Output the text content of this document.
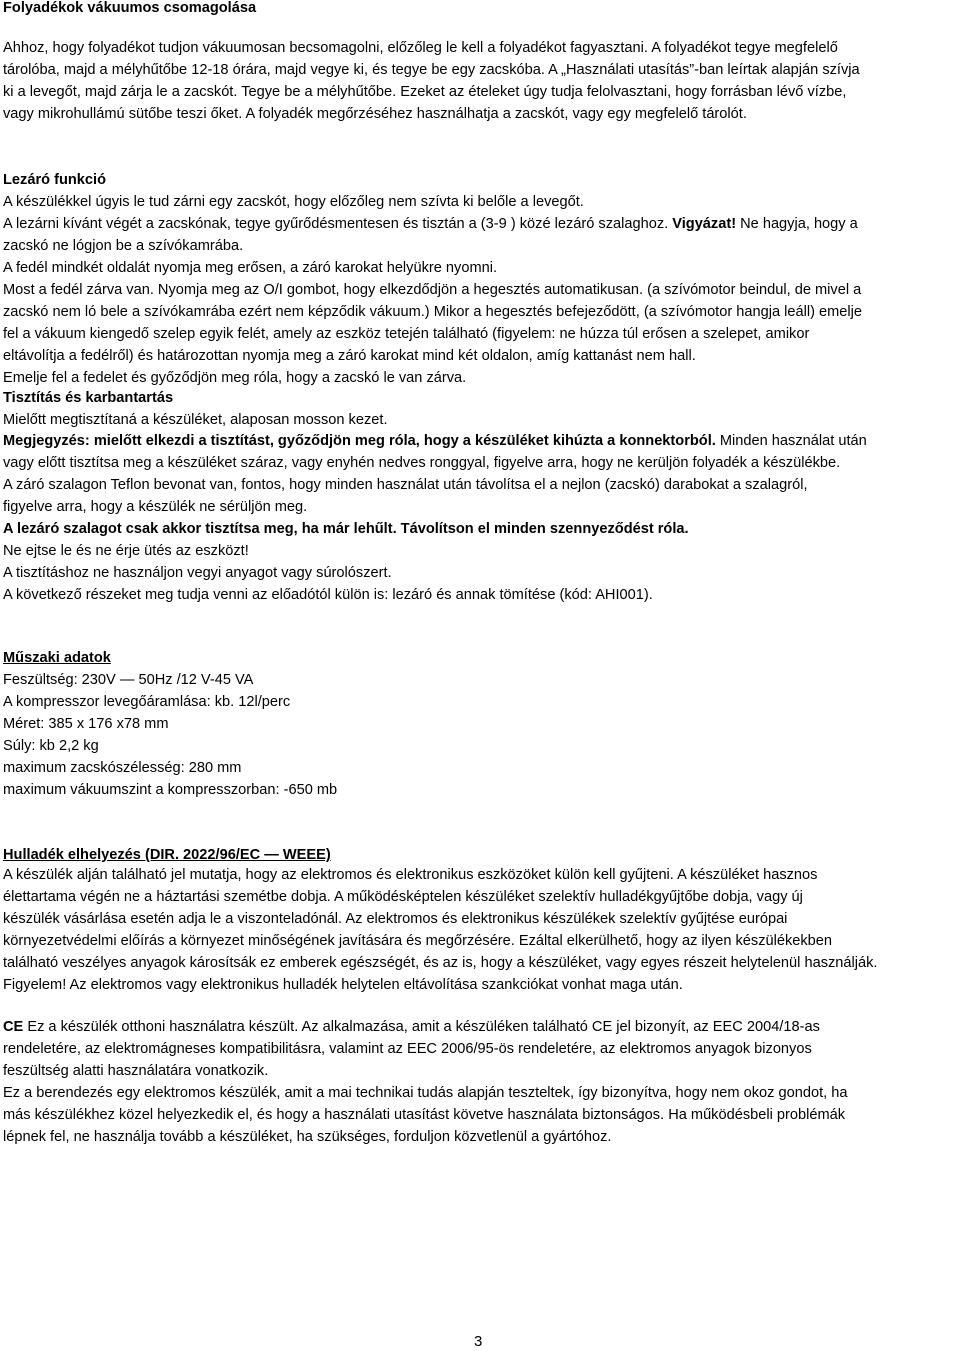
Folyadékok vákuumos csomagolása
Ahhoz, hogy folyadékot tudjon vákuumosan becsomagolni, előzőleg le kell a folyadékot fagyasztani. A folyadékot tegye megfelelő
tárolóba, majd a mélyhűtőbe 12-18 órára, majd vegye ki, és tegye be egy zacskóba. A „Használati utasítás”-ban leírtak alapján szívja
ki a levegőt, majd zárja le a zacskót. Tegye be a mélyhűtőbe. Ezeket az ételeket úgy tudja felolvasztani, hogy forrásban lévő vízbe,
vagy mikrohullámú sütőbe teszi őket. A folyadék megőrzéséhez használhatja a zacskót, vagy egy megfelelő tárolót.
Lezáró funkció
A készülékkel úgyis le tud zárni egy zacskót, hogy előzőleg nem szívta ki belőle a levegőt.
A lezárni kívánt végét a zacskónak, tegye gyűrődésmentesen és tisztán a (3-9 ) közé lezáró szalaghoz. Vigyázat! Ne hagyja, hogy a
zacskó ne lógjon be a szívókamrába.
A fedél mindkét oldalát nyomja meg erősen, a záró karokat helyükre nyomni.
Most a fedél zárva van. Nyomja meg az O/I gombot, hogy elkezdődjön a hegesztés automatikusan. (a szívómotor beindul, de mivel a
zacskó nem ló bele a szívókamrába ezért nem képződik vákuum.) Mikor a hegesztés befejeződött, (a szívómotor hangja leáll) emelje
fel a vákuum kiengedő szelep egyik felét, amely az eszköz tetején található (figyelem: ne húzza túl erősen a szelepet, amikor
eltávolítja a fedélről) és határozottan nyomja meg a záró karokat mind két oldalon, amíg kattanást nem hall.
Emelje fel a fedelet és győződjön meg róla, hogy a zacskó le van zárva.
Tisztítás és karbantartás
Mielőtt megtisztítaná a készüléket, alaposan mosson kezet.
Megjegyzés: mielőtt elkezdi a tisztítást, győződjön meg róla, hogy a készüléket kihúzta a konnektorból. Minden használat után
vagy előtt tisztítsa meg a készüléket száraz, vagy enyhén nedves ronggyal, figyelve arra, hogy ne kerüljön folyadék a készülékbe.
A záró szalagon Teflon bevonat van, fontos, hogy minden használat után távolítsa el a nejlon (zacskó) darabokat a szalagról,
figyelve arra, hogy a készülék ne sérüljön meg.
A lezáró szalagot csak akkor tisztítsa meg, ha már lehűlt. Távolítson el minden szennyeződést róla.
Ne ejtse le és ne érje ütés az eszközt!
A tisztításhoz ne használjon vegyi anyagot vagy súrolószert.
A következő részeket meg tudja venni az előadótól külön is: lezáró és annak tömítése (kód: AHI001).
Műszaki adatok
Feszültség: 230V — 50Hz /12 V-45 VA
A kompresszor levegőáramlása: kb. 12l/perc
Méret: 385 x 176 x78 mm
Súly: kb 2,2 kg
maximum zacskószélesség: 280 mm
maximum vákuumszint a kompresszorban: -650 mb
Hulladék elhelyezés (DIR. 2022/96/EC — WEEE)
A készülék alján található jel mutatja, hogy az elektromos és elektronikus eszközöket külön kell gyűjteni. A készüléket hasznos
élettartama végén ne a háztartási szemétbe dobja. A működésképtelen készüléket szelektív hulladékgyűjtőbe dobja, vagy új
készülék vásárlása esetén adja le a viszonteladónál. Az elektromos és elektronikus készülékek szelektív gyűjtése európai
környezetvédelmi előírás a környezet minőségének javítására és megőrzésére. Ezáltal elkerülhető, hogy az ilyen készülékekben
található veszélyes anyagok károsítsák ez emberek egészségét, és az is, hogy a készüléket, vagy egyes részeit helytelenül használják.
Figyelem! Az elektromos vagy elektronikus hulladék helytelen eltávolítása szankciókat vonhat maga után.
CE Ez a készülék otthoni használatra készült. Az alkalmazása, amit a készüléken található CE jel bizonyít, az EEC 2004/18-as
rendeletére, az elektromágneses kompatibilitásra, valamint az EEC 2006/95-ös rendeletére, az elektromos anyagok bizonyos
feszültség alatti használatára vonatkozik.
Ez a berendezés egy elektromos készülék, amit a mai technikai tudás alapján teszteltek, így bizonyítva, hogy nem okoz gondot, ha
más készülékhez közel helyezkedik el, és hogy a használati utasítást követve használata biztonságos. Ha működésbeli problémák
lépnek fel, ne használja tovább a készüléket, ha szükséges, forduljon közvetlenül a gyártóhoz.
3
